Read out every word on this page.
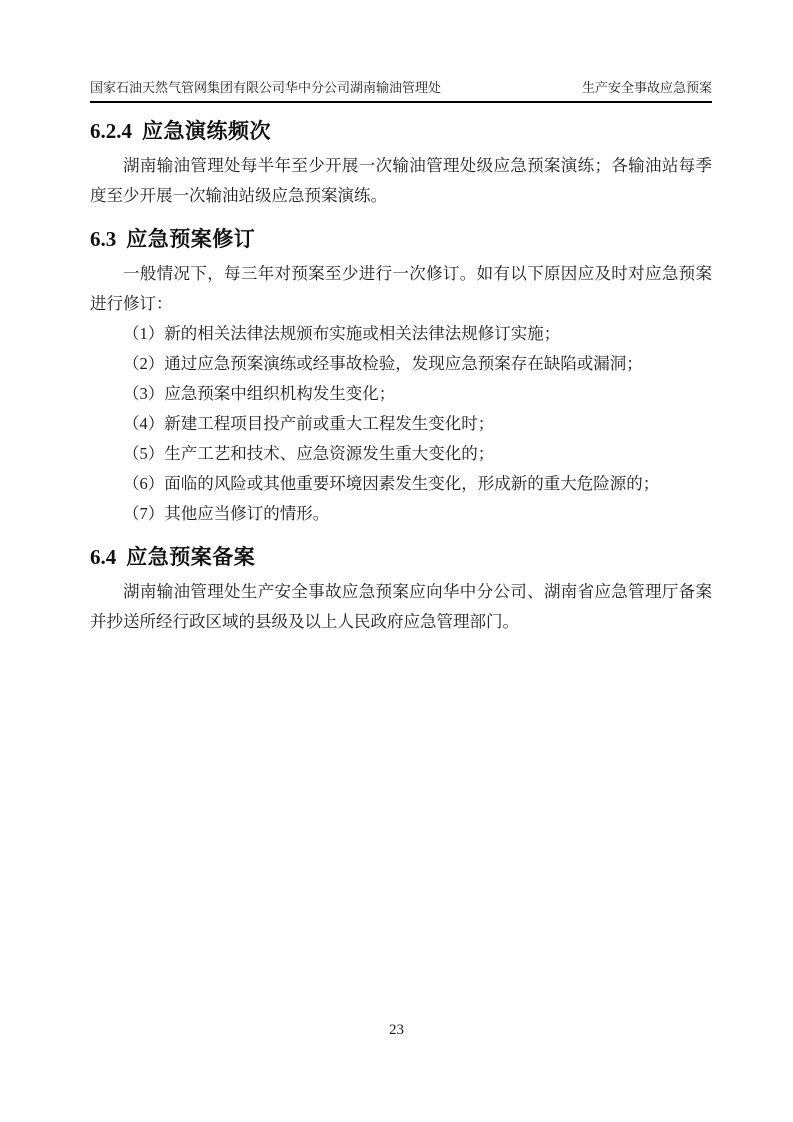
国家石油天然气管网集团有限公司华中分公司湖南输油管理处	生产安全事故应急预案
6.2.4 应急演练频次

湖南输油管理处每半年至少开展一次输油管理处级应急预案演练；各输油站每季度至少开展一次输油站级应急预案演练。

6.3 应急预案修订

一般情况下，每三年对预案至少进行一次修订。如有以下原因应及时对应急预案进行修订：

（1）新的相关法律法规颁布实施或相关法律法规修订实施；

（2）通过应急预案演练或经事故检验，发现应急预案存在缺陷或漏洞；

（3）应急预案中组织机构发生变化；

（4）新建工程项目投产前或重大工程发生变化时；

（5）生产工艺和技术、应急资源发生重大变化的；

（6）面临的风险或其他重要环境因素发生变化，形成新的重大危险源的；

（7）其他应当修订的情形。

6.4 应急预案备案

湖南输油管理处生产安全事故应急预案应向华中分公司、湖南省应急管理厅备案并抄送所经行政区域的县级及以上人民政府应急管理部门。

23
